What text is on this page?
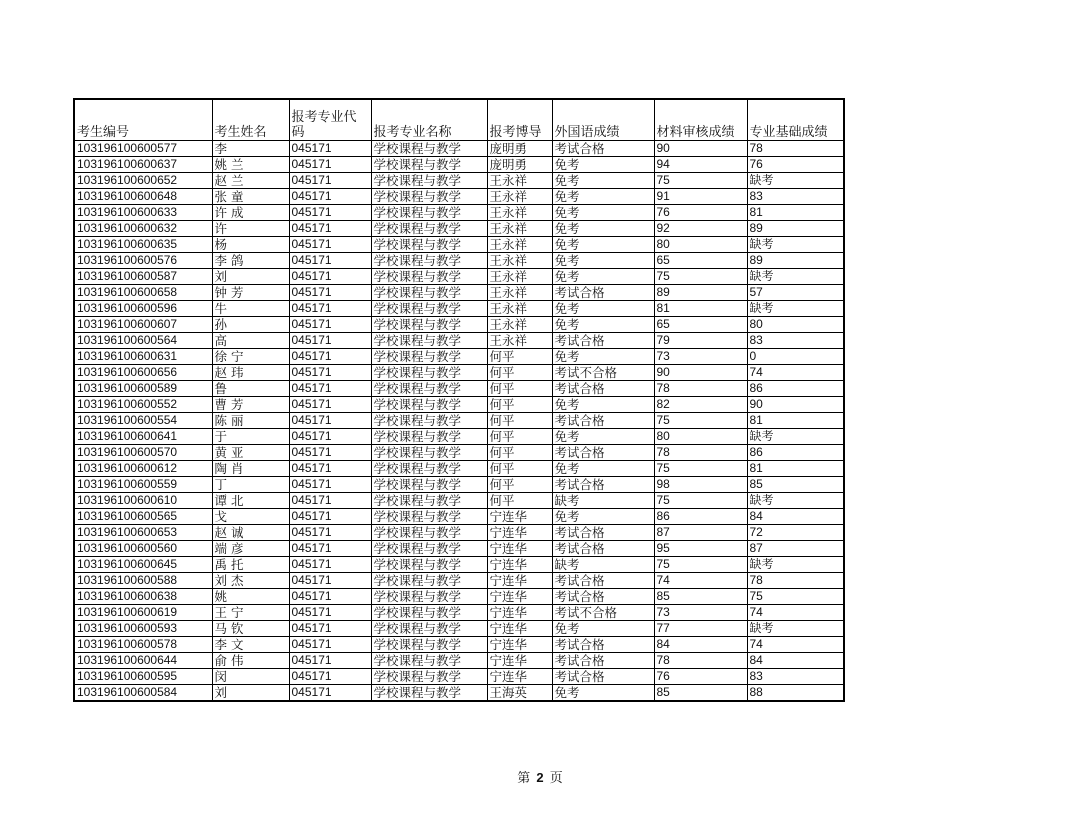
考生编号	考生姓名	报考专业代码	报考专业名称	报考博导	外国语成绩	材料审核成绩	专业基础成绩
103196100600577	李	045171	学校课程与教学	庞明勇	考试合格	90	78
103196100600637	姚 兰	045171	学校课程与教学	庞明勇	免考	94	76
103196100600652	赵 兰	045171	学校课程与教学	王永祥	免考	75	缺考
103196100600648	张 童	045171	学校课程与教学	王永祥	免考	91	83
103196100600633	许 成	045171	学校课程与教学	王永祥	免考	76	81
103196100600632	许	045171	学校课程与教学	王永祥	免考	92	89
103196100600635	杨	045171	学校课程与教学	王永祥	免考	80	缺考
103196100600576	李 鸽	045171	学校课程与教学	王永祥	免考	65	89
103196100600587	刘	045171	学校课程与教学	王永祥	免考	75	缺考
103196100600658	钟 芳	045171	学校课程与教学	王永祥	考试合格	89	57
103196100600596	牛	045171	学校课程与教学	王永祥	免考	81	缺考
103196100600607	孙	045171	学校课程与教学	王永祥	免考	65	80
103196100600564	高	045171	学校课程与教学	王永祥	考试合格	79	83
103196100600631	徐 宁	045171	学校课程与教学	何平	免考	73	0
103196100600656	赵 玮	045171	学校课程与教学	何平	考试不合格	90	74
103196100600589	鲁	045171	学校课程与教学	何平	考试合格	78	86
103196100600552	曹 芳	045171	学校课程与教学	何平	免考	82	90
103196100600554	陈 丽	045171	学校课程与教学	何平	考试合格	75	81
103196100600641	于	045171	学校课程与教学	何平	免考	80	缺考
103196100600570	黄 亚	045171	学校课程与教学	何平	考试合格	78	86
103196100600612	陶 肖	045171	学校课程与教学	何平	免考	75	81
103196100600559	丁	045171	学校课程与教学	何平	考试合格	98	85
103196100600610	谭 北	045171	学校课程与教学	何平	缺考	75	缺考
103196100600565	戈	045171	学校课程与教学	宁连华	免考	86	84
103196100600653	赵 诚	045171	学校课程与教学	宁连华	考试合格	87	72
103196100600560	端 彦	045171	学校课程与教学	宁连华	考试合格	95	87
103196100600645	禹 托	045171	学校课程与教学	宁连华	缺考	75	缺考
103196100600588	刘 杰	045171	学校课程与教学	宁连华	考试合格	74	78
103196100600638	姚	045171	学校课程与教学	宁连华	考试合格	85	75
103196100600619	王 宁	045171	学校课程与教学	宁连华	考试不合格	73	74
103196100600593	马 钦	045171	学校课程与教学	宁连华	免考	77	缺考
103196100600578	李 文	045171	学校课程与教学	宁连华	考试合格	84	74
103196100600644	俞 伟	045171	学校课程与教学	宁连华	考试合格	78	84
103196100600595	闵	045171	学校课程与教学	宁连华	考试合格	76	83
103196100600584	刘	045171	学校课程与教学	王海英	免考	85	88
第 2 页
